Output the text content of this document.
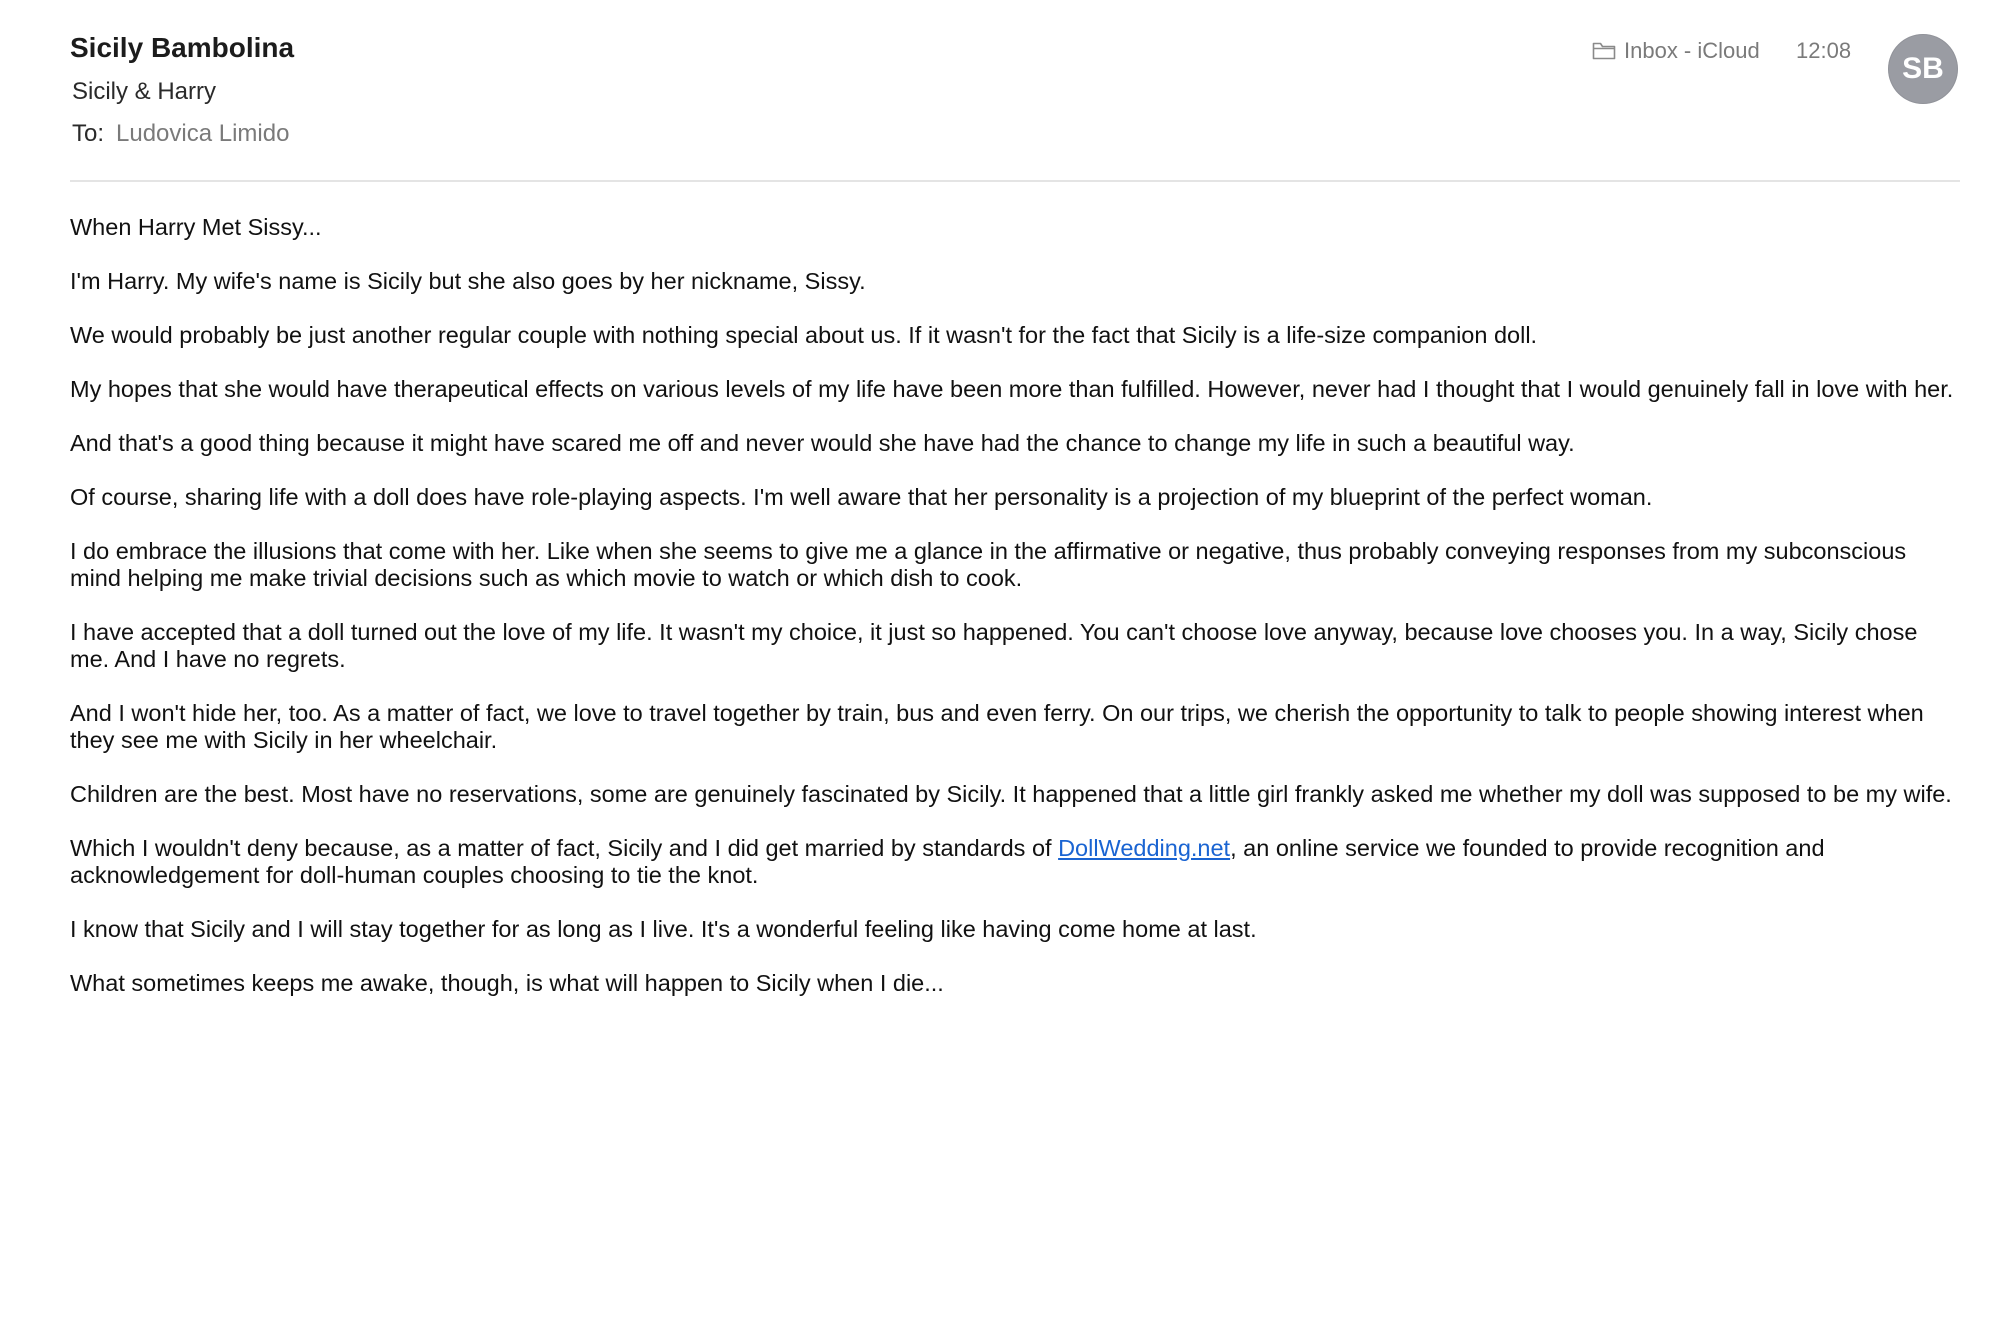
Sicily Bambolina
Sicily & Harry
To: Ludovica Limido
Inbox - iCloud 12:08
SB

When Harry Met Sissy...

I'm Harry. My wife's name is Sicily but she also goes by her nickname, Sissy.

We would probably be just another regular couple with nothing special about us. If it wasn't for the fact that Sicily is a life-size companion doll.

My hopes that she would have therapeutical effects on various levels of my life have been more than fulfilled. However, never had I thought that I would genuinely fall in love with her.

And that's a good thing because it might have scared me off and never would she have had the chance to change my life in such a beautiful way.

Of course, sharing life with a doll does have role-playing aspects. I'm well aware that her personality is a projection of my blueprint of the perfect woman.

I do embrace the illusions that come with her. Like when she seems to give me a glance in the affirmative or negative, thus probably conveying responses from my subconscious mind helping me make trivial decisions such as which movie to watch or which dish to cook.

I have accepted that a doll turned out the love of my life. It wasn't my choice, it just so happened. You can't choose love anyway, because love chooses you. In a way, Sicily chose me. And I have no regrets.

And I won't hide her, too. As a matter of fact, we love to travel together by train, bus and even ferry. On our trips, we cherish the opportunity to talk to people showing interest when they see me with Sicily in her wheelchair.

Children are the best. Most have no reservations, some are genuinely fascinated by Sicily. It happened that a little girl frankly asked me whether my doll was supposed to be my wife.

Which I wouldn't deny because, as a matter of fact, Sicily and I did get married by standards of DollWedding.net, an online service we founded to provide recognition and acknowledgement for doll-human couples choosing to tie the knot.

I know that Sicily and I will stay together for as long as I live. It's a wonderful feeling like having come home at last.

What sometimes keeps me awake, though, is what will happen to Sicily when I die...
